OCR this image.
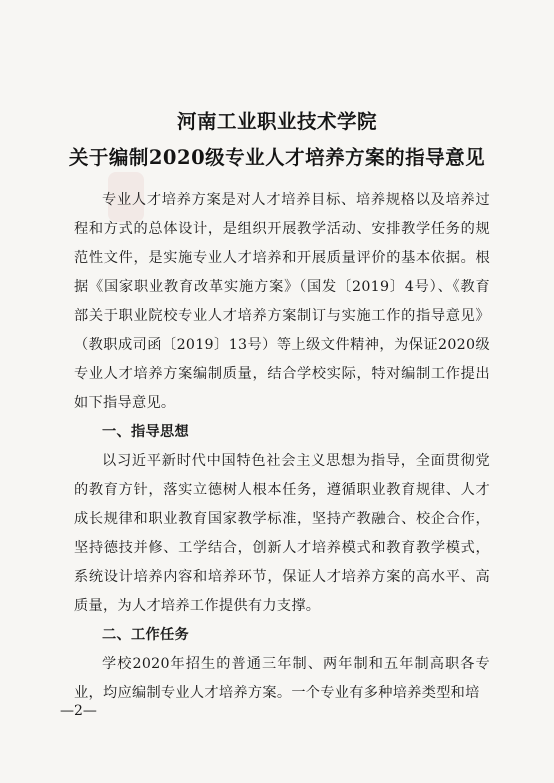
河南工业职业技术学院
关于编制2020级专业人才培养方案的指导意见

专业人才培养方案是对人才培养目标、培养规格以及培养过程和方式的总体设计，是组织开展教学活动、安排教学任务的规范性文件，是实施专业人才培养和开展质量评价的基本依据。根据《国家职业教育改革实施方案》（国发〔2019〕4号）、《教育部关于职业院校专业人才培养方案制订与实施工作的指导意见》（教职成司函〔2019〕13号）等上级文件精神，为保证2020级专业人才培养方案编制质量，结合学校实际，特对编制工作提出如下指导意见。

一、指导思想

以习近平新时代中国特色社会主义思想为指导，全面贯彻党的教育方针，落实立德树人根本任务，遵循职业教育规律、人才成长规律和职业教育国家教学标准，坚持产教融合、校企合作，坚持德技并修、工学结合，创新人才培养模式和教育教学模式，系统设计培养内容和培养环节，保证人才培养方案的高水平、高质量，为人才培养工作提供有力支撑。

二、工作任务

学校2020年招生的普通三年制、两年制和五年制高职各专业，均应编制专业人才培养方案。一个专业有多种培养类型和培

—2—
